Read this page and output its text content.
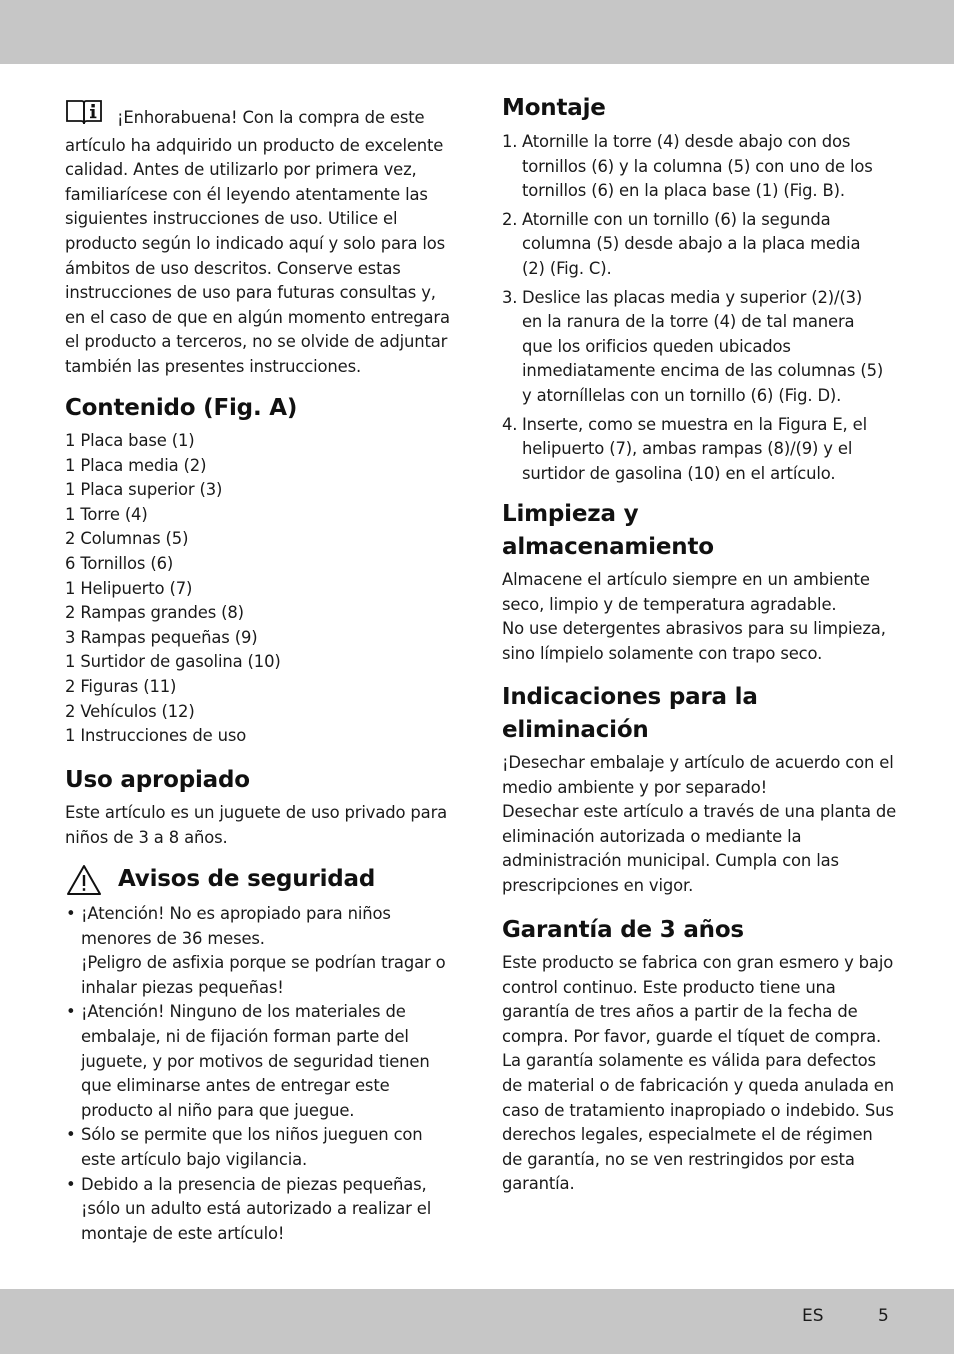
¡Enhorabuena! Con la compra de este artículo ha adquirido un producto de excelente calidad. Antes de utilizarlo por primera vez, familiarícese con él leyendo atentamente las siguientes instrucciones de uso. Utilice el producto según lo indicado aquí y solo para los ámbitos de uso descritos. Conserve estas instrucciones de uso para futuras consultas y, en el caso de que en algún momento entregara el producto a terceros, no se olvide de adjuntar también las presentes instrucciones.

Contenido (Fig. A)
1 Placa base (1)
1 Placa media (2)
1 Placa superior (3)
1 Torre (4)
2 Columnas (5)
6 Tornillos (6)
1 Helipuerto (7)
2 Rampas grandes (8)
3 Rampas pequeñas (9)
1 Surtidor de gasolina (10)
2 Figuras (11)
2 Vehículos (12)
1 Instrucciones de uso
Uso apropiado

Este artículo es un juguete de uso privado para niños de 3 a 8 años.

Avisos de seguridad
• ¡Atención! No es apropiado para niños menores de 36 meses.
¡Peligro de asfixia porque se podrían tragar o inhalar piezas pequeñas!
• ¡Atención! Ninguno de los materiales de embalaje, ni de fijación forman parte del juguete, y por motivos de seguridad tienen que eliminarse antes de entregar este producto al niño para que juegue.
• Sólo se permite que los niños jueguen con este artículo bajo vigilancia.
• Debido a la presencia de piezas pequeñas, ¡sólo un adulto está autorizado a realizar el montaje de este artículo!
Montaje
1. Atornille la torre (4) desde abajo con dos tornillos (6) y la columna (5) con uno de los tornillos (6) en la placa base (1) (Fig. B).
2. Atornille con un tornillo (6) la segunda columna (5) desde abajo a la placa media (2) (Fig. C).
3. Deslice las placas media y superior (2)/(3) en la ranura de la torre (4) de tal manera que los orificios queden ubicados inmediatamente encima de las columnas (5) y atorníllelas con un tornillo (6) (Fig. D).
4. Inserte, como se muestra en la Figura E, el helipuerto (7), ambas rampas (8)/(9) y el surtidor de gasolina (10) en el artículo.
Limpieza y
almacenamiento

Almacene el artículo siempre en un ambiente seco, limpio y de temperatura agradable.
No use detergentes abrasivos para su limpieza, sino límpielo solamente con trapo seco.

Indicaciones para la
eliminación

¡Desechar embalaje y artículo de acuerdo con el medio ambiente y por separado!
Desechar este artículo a través de una planta de eliminación autorizada o mediante la administración municipal. Cumpla con las prescripciones en vigor.

Garantía de 3 años

Este producto se fabrica con gran esmero y bajo control continuo. Este producto tiene una garantía de tres años a partir de la fecha de compra. Por favor, guarde el tíquet de compra. La garantía solamente es válida para defectos de material o de fabricación y queda anulada en caso de tratamiento inapropiado o indebido. Sus derechos legales, especialmete el de régimen de garantía, no se ven restringidos por esta garantía.

ES	5
